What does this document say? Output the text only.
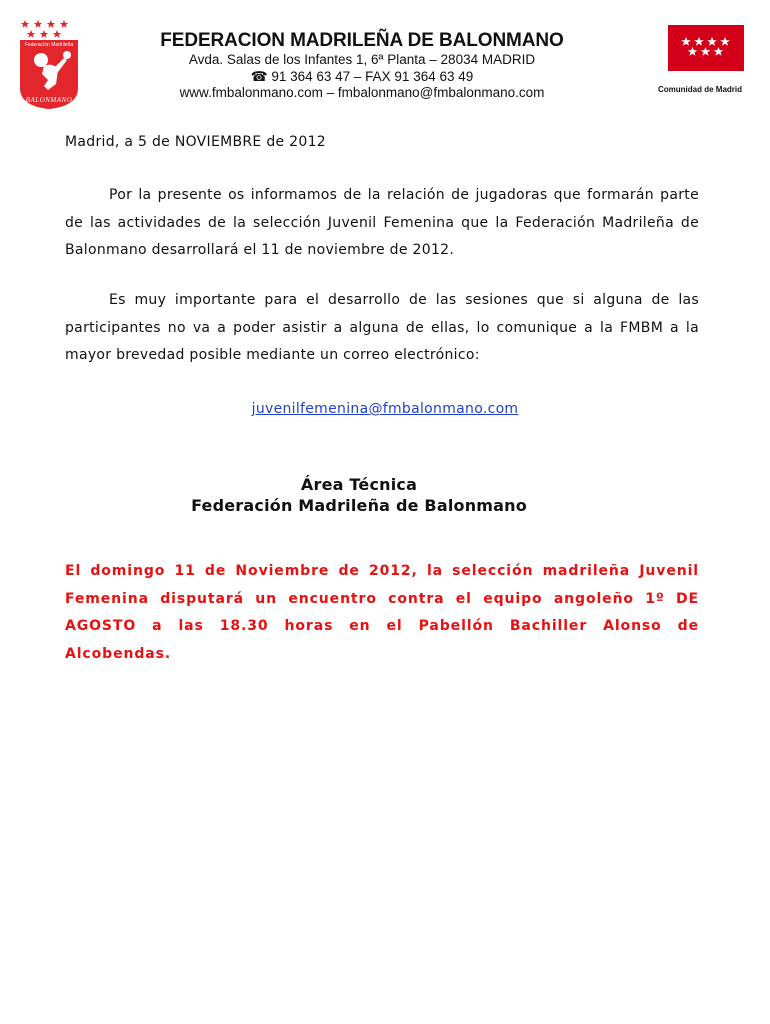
Federación Madrileña
BALONMANO

FEDERACION MADRILEÑA DE BALONMANO

Avda. Salas de los Infantes 1, 6ª Planta – 28034 MADRID

☎ 91 364 63 47 – FAX 91 364 63 49

www.fmbalonmano.com – fmbalonmano@fmbalonmano.com	Comunidad de Madrid
Madrid, a 5 de NOVIEMBRE de 2012
Por la presente os informamos de la relación de jugadoras que formarán parte de las actividades de la selección Juvenil Femenina que la Federación Madrileña de Balonmano desarrollará el 11 de noviembre de 2012.
Es muy importante para el desarrollo de las sesiones que si alguna de las participantes no va a poder asistir a alguna de ellas, lo comunique a la FMBM a la mayor brevedad posible mediante un correo electrónico:
juvenilfemenina@fmbalonmano.com
Área Técnica
Federación Madrileña de Balonmano
El domingo 11 de Noviembre de 2012, la selección madrileña Juvenil Femenina disputará un encuentro contra el equipo angoleño 1º DE AGOSTO a las 18.30 horas en el Pabellón Bachiller Alonso de Alcobendas.
